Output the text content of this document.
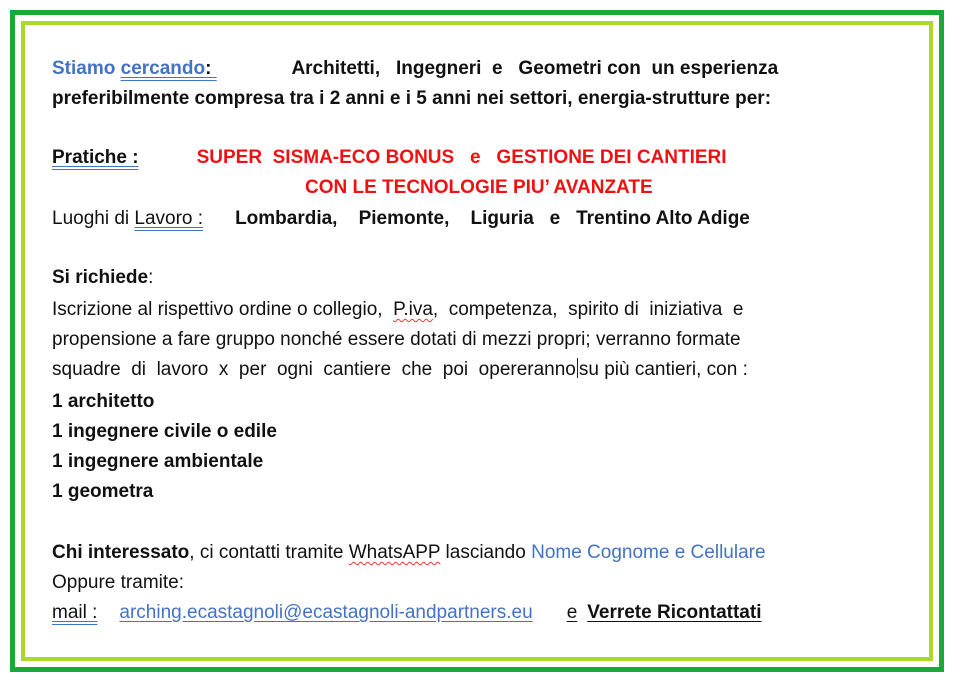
Stiamo cercando:	Architetti,   Ingegneri  e   Geometri con  un esperienza
preferibilmente compresa tra i 2 anni e i 5 anni nei settori, energia-strutture per:
Pratiche :	SUPER  SISMA-ECO BONUS   e   GESTIONE DEI CANTIERI
CON LE TECNOLOGIE PIU’ AVANZATE
Luoghi di Lavoro : Lombardia,    Piemonte,    Liguria   e   Trentino Alto Adige
Si richiede:
Iscrizione al rispettivo ordine o collegio,  P.iva,  competenza,  spirito di  iniziativa  e
propensione a fare gruppo nonché essere dotati di mezzi propri; verranno formate
squadre  di  lavoro  x  per  ogni  cantiere  che  poi  opereranno su più cantieri, con :
1 architetto
1 ingegnere civile o edile
1 ingegnere ambientale
1 geometra
Chi interessato, ci contatti tramite WhatsAPP lasciando Nome Cognome e Cellulare
Oppure tramite:
mail : arching.ecastagnoli@ecastagnoli-andpartners.eu e Verrete Ricontattati
